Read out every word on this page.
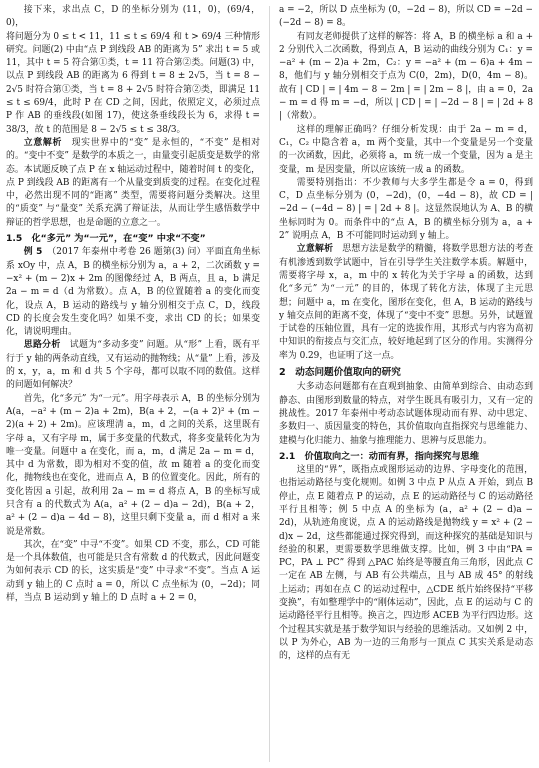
接下来，求出点 C，D 的坐标分别为 (11，0)，(69/4，0)，

将问题分为 0 ≤ t < 11，11 ≤ t ≤ 69/4 和 t > 69/4 三种情形研究。问题(2) 中由“点 P 到线段 AB 的距离为 5” 求出 t = 5 或 11，其中 t = 5 符合第①类，t = 11 符合第②类。问题(3) 中，以点 P 到线段 AB 的距离为 6 得到 t = 8 ± 2√5，当 t = 8 − 2√5 时符合第①类，当 t = 8 + 2√5 时符合第②类，即满足 11 ≤ t ≤ 69/4，此时 P 在 CD 之间，因此，依照定义，必须过点 P 作 AB 的垂线段(如图 17)，使这条垂线段长为 6，求得 t = 38/3，故 t 的范围是 8 − 2√5 ≤ t ≤ 38/3。

立意解析　 现实世界中的“变” 是永恒的，“不变” 是相对的。“变中不变” 是数学的本质之一，由量变引起质变是数学的常态。本试题反映了点 P 在 x 轴运动过程中，随着时间 t 的变化，点 P 到线段 AB 的距离有一个从量变到质变的过程。在变化过程中，必然出现不同的“距离” 类型，需要将问题分类解决。这里的“质变” 与“量变” 关系充满了辩证法，从而让学生感悟数学中辩证的哲学思想，也是命题的立意之一。

1.5　化“多元” 为“一元”，在“变” 中求“不变”

例 5　 （2017 年泰州中考卷 26 题第(3) 问）平面直角坐标系 xOy 中，点 A，B 的横坐标分别为 a，a + 2，二次函数 y = −x² + (m − 2)x + 2m 的图像经过 A，B 两点，且 a，b 满足 2a − m = d（d 为常数）。点 A，B 的位置随着 a 的变化而变化，设点 A，B 运动的路线与 y 轴分别相交于点 C，D，线段 CD 的长度会发生变化吗？如果不变，求出 CD 的长；如果变化，请说明理由。

思路分析　 试题为“多动多变” 问题。从“形” 上看，既有平行于 y 轴的两条动直线，又有运动的抛物线；从“量” 上看，涉及的 x，y，a，m 和 d 共 5 个字母，都可以取不同的数值。这样的问题如何解决？

首先，化“多元” 为“一元”。用字母表示 A，B 的坐标分别为 A(a，−a² + (m − 2)a + 2m)，B(a + 2，−(a + 2)² + (m − 2)(a + 2) + 2m)。应该理清 a，m，d 之间的关系，这里既有字母 a，又有字母 m，属于多变量的代数式，将多变量转化为为唯一变量。问题中 a 在变化，而 a，m，d 满足 2a − m = d，其中 d 为常数，即为相对不变的值，故 m 随着 a 的变化而变化，抛物线也在变化，进而点 A，B 的位置变化。因此，所有的变化皆因 a 引起，故利用 2a − m = d 将点 A，B 的坐标写成只含有 a 的代数式为 A(a，a² + (2 − d)a − 2d)，B(a + 2，a² + (2 − d)a − 4d − 8)，这里只剩下变量 a，而 d 相对 a 来说是常数。

其次，在“变” 中寻“不变”。如果 CD 不变，那么，CD 可能是一个具体数值，也可能是只含有常数 d 的代数式，因此问题变为如何表示 CD 的长，这实质是“变” 中寻求“不变”。当点 A 运动到 y 轴上的 C 点时 a = 0，所以 C 点坐标为 (0，−2d)；同样，当点 B 运动到 y 轴上的 D 点时 a + 2 = 0，

a = −2，所以 D 点坐标为 (0，−2d − 8)，所以 CD = −2d − (−2d − 8) = 8。

有同友老师提供了这样的解答：将 A，B 的横坐标 a 和 a + 2 分别代入二次函数，得到点 A，B 运动的曲线分别为 C₁：y = −a² + (m − 2)a + 2m，C₂：y = −a² + (m − 6)a + 4m − 8，他们与 y 轴分别相交于点为 C(0，2m)，D(0，4m − 8)。故有 | CD | = | 4m − 8 − 2m | = | 2m − 8 |，由 a = 0，2a − m = d 得 m = −d，所以 | CD | = | −2d − 8 | = | 2d + 8 |（常数）。

这样的理解正确吗？仔细分析发现：由于 2a − m = d，C₁，C₂ 中隐含着 a，m 两个变量，其中一个变量是另一个变量的一次函数，因此，必须将 a，m 统一成一个变量，因为 a 是主变量，m 是因变量，所以应该统一成 a 的函数。

需要特别指出：不少教师与大多学生都是令 a = 0，得到 C，D 点坐标分别为 (0，−2d)，(0，−4d − 8)，故 CD = | −2d − (−4d − 8) | = | 2d + 8 |。这显然误地认为 A、B 的横坐标同时为 0。而条件中的“点 A，B 的横坐标分别为 a，a + 2” 说明点 A，B 不可能同时运动到 y 轴上。

立意解析　 思想方法是数学的精髓，将数学思想方法的考查有机渗透到数学试题中，旨在引导学生关注数学本质。解题中，需要将字母 x，a，m 中的 x 转化为关于字母 a 的函数，达到化“多元” 为“一元” 的目的，体现了转化方法，体现了主元思想；问题中 a，m 在变化，图形在变化，但 A，B 运动的路线与 y 轴交点间的距离不变，体现了“变中不变” 思想。另外，试题置于试卷的压轴位置，具有一定的选拔作用，其形式与内容为高初中知识的衔接点与交汇点，较好地起到了区分的作用。实测得分率为 0.29，也证明了这一点。

2　动态问题价值取向的研究

大多动态问题都有在直观到抽象、由简单到综合、由动态到静态、由图形到数量的特点，对学生既具有吸引力，又有一定的挑战性。2017 年泰州中考动态试题体现动而有界、动中思定、多数归一、质因量变的特色，其价值取向直指探究与思维能力、建模与化归能力、抽象与推理能力、思辨与反思能力。

2.1　价值取向之一：动而有界，指向探究与思维

这里的“界”，既指点或图形运动的边界、字母变化的范围，也指运动路径与变化规则。如例 3 中点 P 从点 A 开始，到点 B 停止，点 E 随着点 P 的运动，点 E 的运动路径与 C 的运动路径平行且相等；例 5 中点 A 的坐标为 (a，a² + (2 − d)a − 2d)，从轨迹角度说，点 A 的运动路线是抛物线 y = x² + (2 − d)x − 2d，这些都能通过探究得到，而这种探究的基础是知识与经验的积累，更需要数学思维做支撑。比如，例 3 中由“PA = PC，PA ⊥ PC” 得到 △PAC 始终是等腰直角三角形，因此点 C 一定在 AB 左侧，与 AB 有公共端点，且与 AB 成 45° 的射线上运动；再如在点 C 的运动过程中，△CDE 纸片始终保持“平移变换”，有如整理学中的“刚体运动”，因此，点 E 的运动与 C 的运动路径平行且相等。换言之，四边形 ACEB 为平行四边形。这个过程其实就是基于数学知识与经验的思维活动。又如例 2 中，以 P 为外心，AB 为一边的三角形与一顶点 C 其实关系是动态的，这样的点有无
